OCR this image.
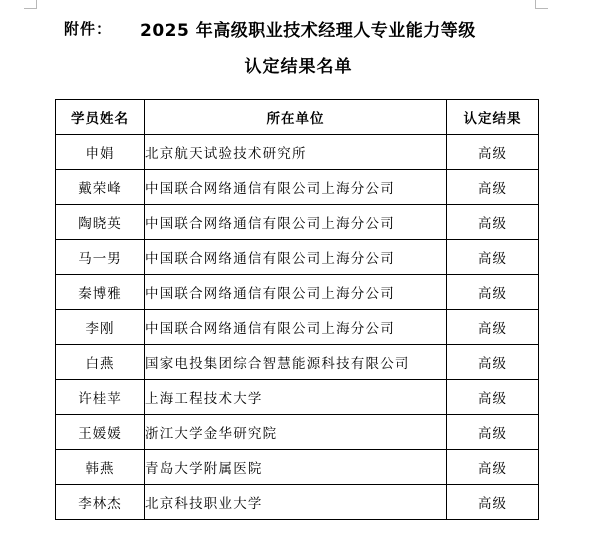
附件： 2025 年高级职业技术经理人专业能力等级
认定结果名单
学员姓名	所在单位	认定结果
申娟	北京航天试验技术研究所	高级
戴荣峰	中国联合网络通信有限公司上海分公司	高级
陶晓英	中国联合网络通信有限公司上海分公司	高级
马一男	中国联合网络通信有限公司上海分公司	高级
秦博雅	中国联合网络通信有限公司上海分公司	高级
李刚	中国联合网络通信有限公司上海分公司	高级
白燕	国家电投集团综合智慧能源科技有限公司	高级
许桂苹	上海工程技术大学	高级
王媛媛	浙江大学金华研究院	高级
韩燕	青岛大学附属医院	高级
李林杰	北京科技职业大学	高级
